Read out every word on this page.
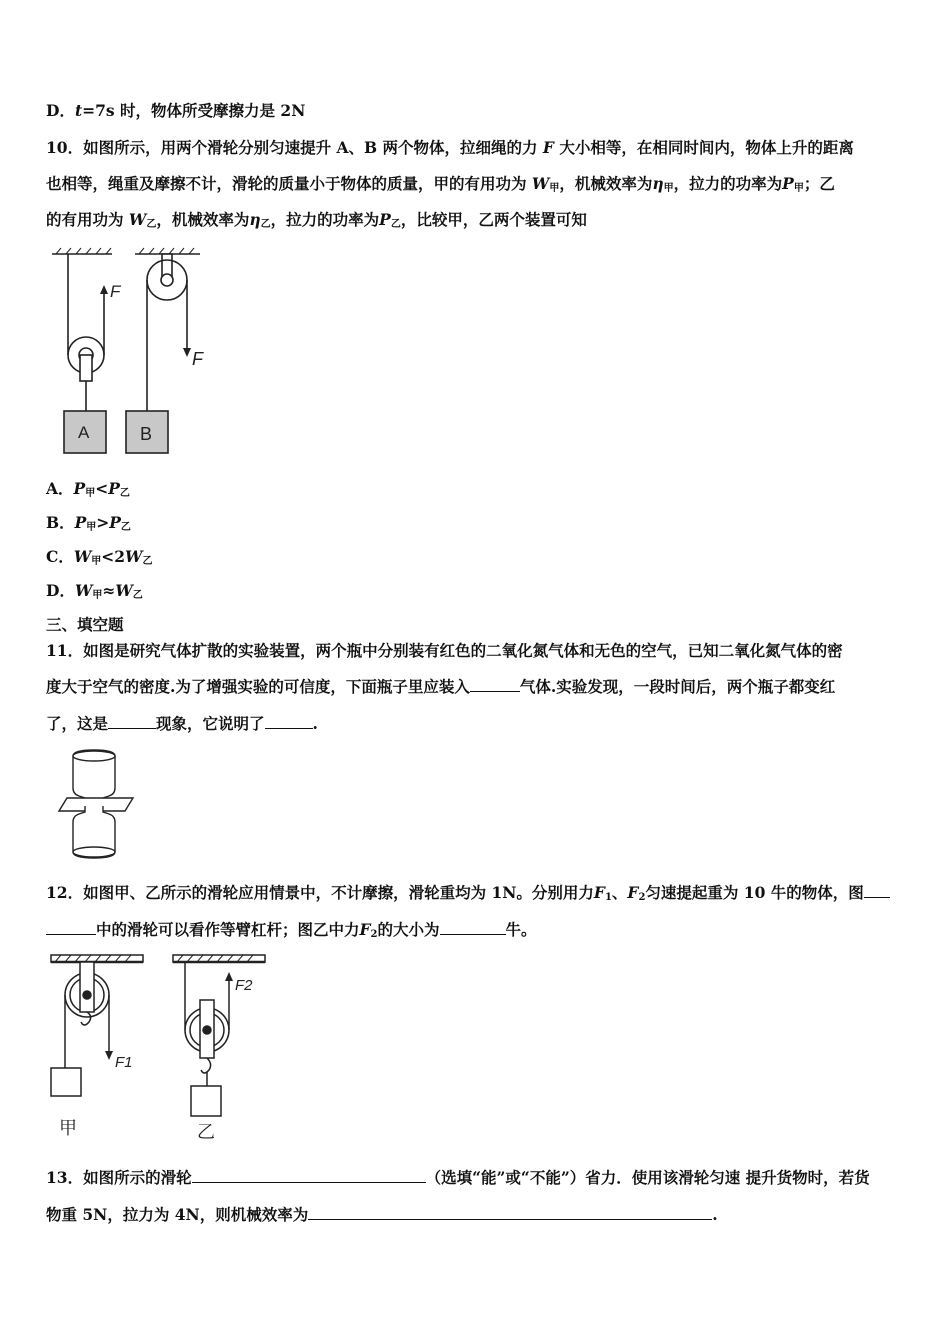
D．t=7s 时，物体所受摩擦力是 2N
10．如图所示，用两个滑轮分别匀速提升 A、B 两个物体，拉细绳的力 F 大小相等，在相同时间内，物体上升的距离
也相等，绳重及摩擦不计，滑轮的质量小于物体的质量，甲的有用功为 $W_甲$，机械效率为$\eta_甲$，拉力的功率为$P_甲$；乙
的有用功为 $W_乙$，机械效率为$\eta_乙$，拉力的功率为$P_乙$，比较甲，乙两个装置可知
F
F
A	B
A．$P_甲<P_乙$
B．$P_甲>P_乙$
C．$W_甲<2W_乙$
D．$W_甲\approx W_乙$
三、填空题
11．如图是研究气体扩散的实验装置，两个瓶中分别装有红色的二氧化氮气体和无色的空气，已知二氧化氮气体的密
度大于空气的密度.为了增强实验的可信度，下面瓶子里应装入	气体.实验发现，一段时间后，两个瓶子都变红
了，这是	现象，它说明了	.
12．如图甲、乙所示的滑轮应用情景中，不计摩擦，滑轮重均为 1N。分别用力$F_1$、$F_2$匀速提起重为 10 牛的物体，图
中的滑轮可以看作等臂杠杆；图乙中力$F_2$的大小为	牛。
F1
F2
甲	乙
13．如图所示的滑轮	（选填“能”或“不能”）省力．使用该滑轮匀速 提升货物时，若货
物重 5N，拉力为 4N，则机械效率为	.
